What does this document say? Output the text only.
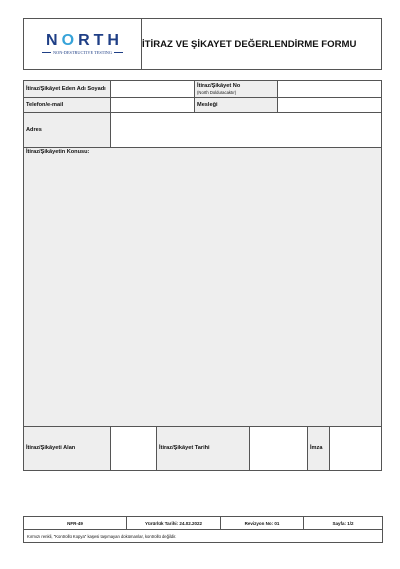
NORTH
NON-DESTRUCTIVE TESTING
	İTİRAZ VE ŞİKAYET DEĞERLENDİRME FORMU
İtiraz/Şikâyet Eden Adı Soyadı			İtiraz/Şikâyet No
(North Dolduracaktır)				

Telefon/e-mail			Mesleği				
Adres							
İtiraz/Şikâyetin Konusu:							
İtiraz/Şikâyeti Alan		İtiraz/Şikâyet Tarihi				İmza	
NFR-49	Yürürlük Tarihi: 24.02.2022	Revizyon No: 01	Sayfa: 1/2
Kırmızı renkli, "Kontrollü Kopya" kaşesi taşımayan dokümanlar, kontrollü değildir.
